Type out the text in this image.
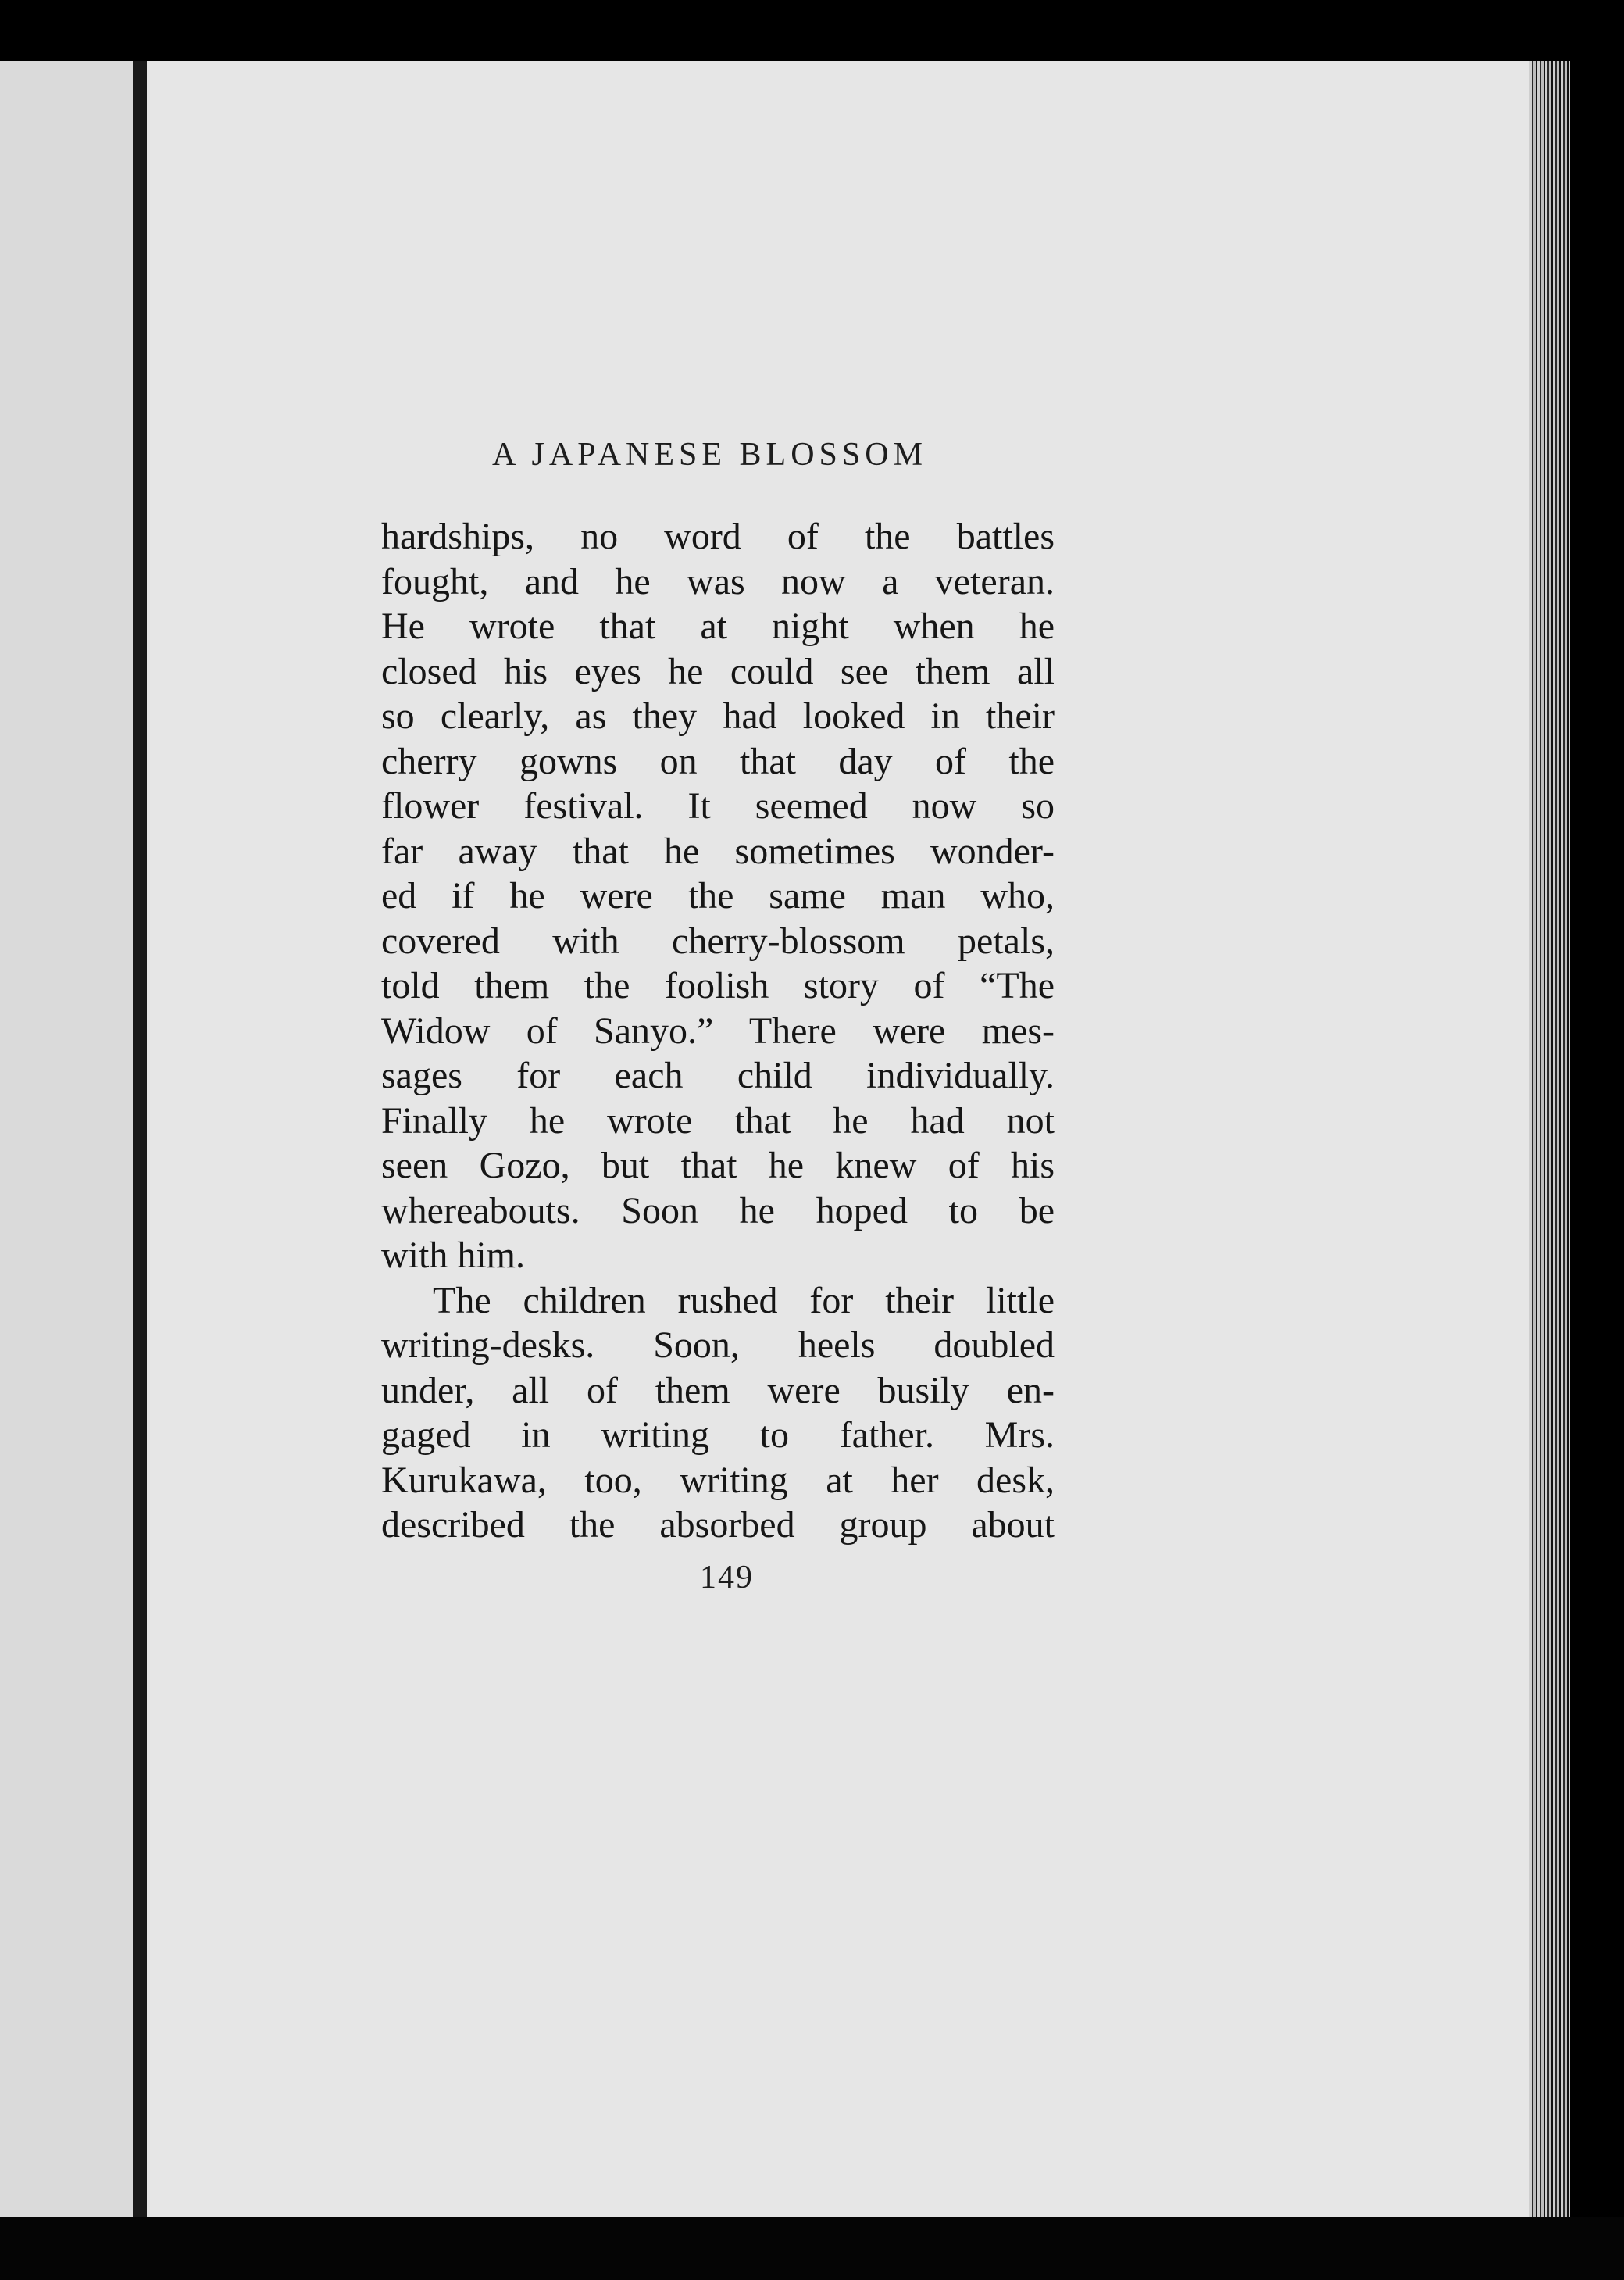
A JAPANESE BLOSSOM
hardships, no word of the battles
fought, and he was now a veteran.
He wrote that at night when he
closed his eyes he could see them all
so clearly, as they had looked in their
cherry gowns on that day of the
flower festival. It seemed now so
far away that he sometimes wonder-
ed if he were the same man who,
covered with cherry-blossom petals,
told them the foolish story of “The
Widow of Sanyo.” There were mes-
sages for each child individually.
Finally he wrote that he had not
seen Gozo, but that he knew of his
whereabouts. Soon he hoped to be
with him.
The children rushed for their little
writing-desks. Soon, heels doubled
under, all of them were busily en-
gaged in writing to father. Mrs.
Kurukawa, too, writing at her desk,
described the absorbed group about
149
